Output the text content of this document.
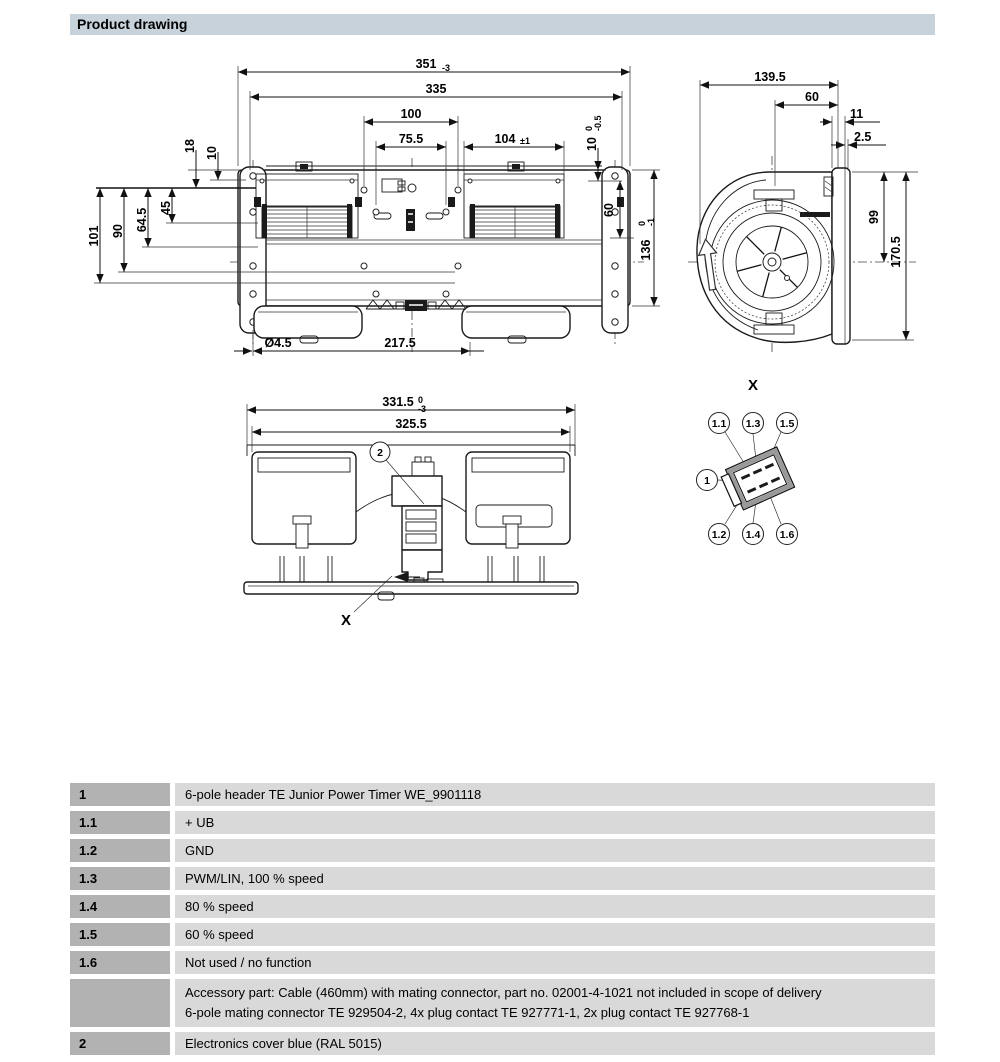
Product drawing
351 -3
335
100
75.5	104 ±1
18
10
45
64.5
90
101
10
0 -0.5
60
136
0 -1
Ø4.5	217.5
139.5
60
11
2.5
99
170.5
331.5 0
-3
325.5
2
X
X
1.1 1.3 1.5
1
1.2 1.4 1.6
1	6-pole header TE Junior Power Timer WE_9901118
1.1	+ UB
1.2	GND
1.3	PWM/LIN, 100 % speed
1.4	80 % speed
1.5	60 % speed
1.6	Not used / no function
Accessory part: Cable (460mm) with mating connector, part no. 02001-4-1021 not included in scope of delivery
6-pole mating connector TE 929504-2, 4x plug contact TE 927771-1, 2x plug contact TE 927768-1
2	Electronics cover blue (RAL 5015)
